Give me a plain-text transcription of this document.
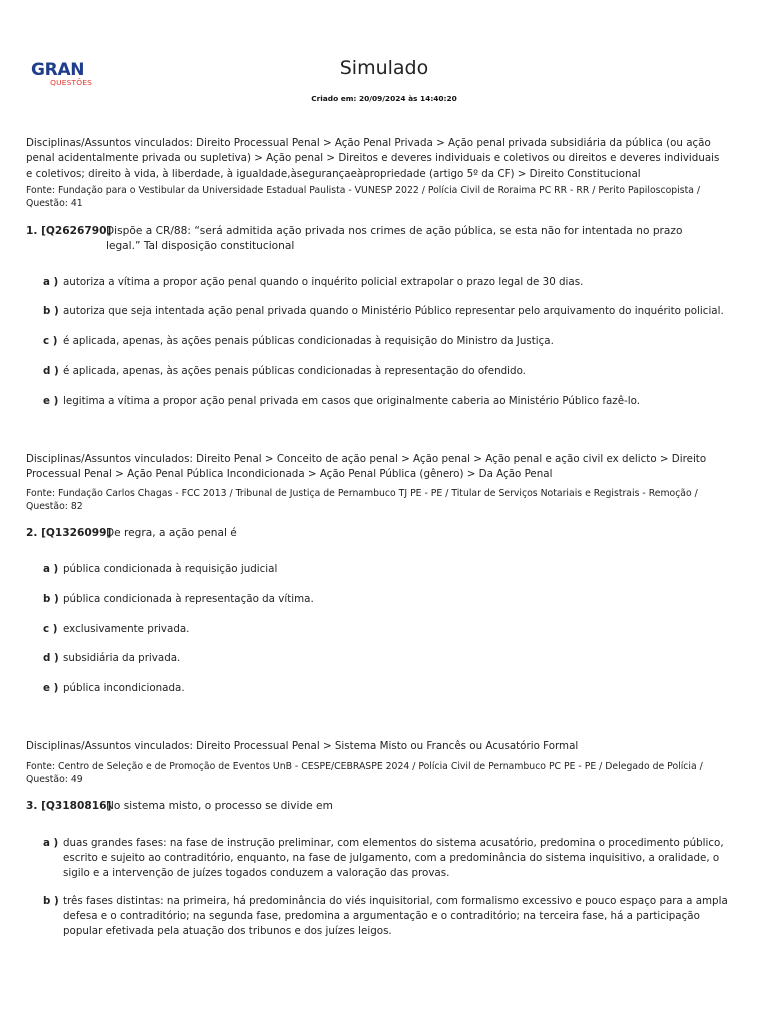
GRAN
QUESTÕES
Simulado
Criado em: 20/09/2024 às 14:40:20

Disciplinas/Assuntos vinculados: Direito Processual Penal > Ação Penal Privada > Ação penal privada subsidiária da pública (ou ação penal acidentalmente privada ou supletiva) > Ação penal > Direitos e deveres individuais e coletivos ou direitos e deveres individuais e coletivos; direito à vida, à liberdade, à igualdade,àsegurançaeàpropriedade (artigo 5º da CF) > Direito Constitucional

Fonte: Fundação para o Vestibular da Universidade Estadual Paulista - VUNESP 2022 / Polícia Civil de Roraima PC RR - RR / Perito Papiloscopista / Questão: 41

1. [Q2626790]
Dispõe a CR/88: “será admitida ação privada nos crimes de ação pública, se esta não for intentada no prazo legal.” Tal disposição constitucional
a ) autoriza a vítima a propor ação penal quando o inquérito policial extrapolar o prazo legal de 30 dias.
b ) autoriza que seja intentada ação penal privada quando o Ministério Público representar pelo arquivamento do inquérito policial.
c ) é aplicada, apenas, às ações penais públicas condicionadas à requisição do Ministro da Justiça.
d ) é aplicada, apenas, às ações penais públicas condicionadas à representação do ofendido.
e ) legitima a vítima a propor ação penal privada em casos que originalmente caberia ao Ministério Público fazê-lo.

Disciplinas/Assuntos vinculados: Direito Penal > Conceito de ação penal > Ação penal > Ação penal e ação civil ex delicto > Direito Processual Penal > Ação Penal Pública Incondicionada > Ação Penal Pública (gênero) > Da Ação Penal

Fonte: Fundação Carlos Chagas - FCC 2013 / Tribunal de Justiça de Pernambuco TJ PE - PE / Titular de Serviços Notariais e Registrais - Remoção / Questão: 82

2. [Q1326099]
De regra, a ação penal é
a ) pública condicionada à requisição judicial
b ) pública condicionada à representação da vítima.
c ) exclusivamente privada.
d ) subsidiária da privada.
e ) pública incondicionada.

Disciplinas/Assuntos vinculados: Direito Processual Penal > Sistema Misto ou Francês ou Acusatório Formal

Fonte: Centro de Seleção e de Promoção de Eventos UnB - CESPE/CEBRASPE 2024 / Polícia Civil de Pernambuco PC PE - PE / Delegado de Polícia / Questão: 49

3. [Q3180816]
No sistema misto, o processo se divide em
a ) duas grandes fases: na fase de instrução preliminar, com elementos do sistema acusatório, predomina o procedimento público, escrito e sujeito ao contraditório, enquanto, na fase de julgamento, com a predominância do sistema inquisitivo, a oralidade, o sigilo e a intervenção de juízes togados conduzem a valoração das provas.
b ) três fases distintas: na primeira, há predominância do viés inquisitorial, com formalismo excessivo e pouco espaço para a ampla defesa e o contraditório; na segunda fase, predomina a argumentação e o contraditório; na terceira fase, há a participação popular efetivada pela atuação dos tribunos e dos juízes leigos.
